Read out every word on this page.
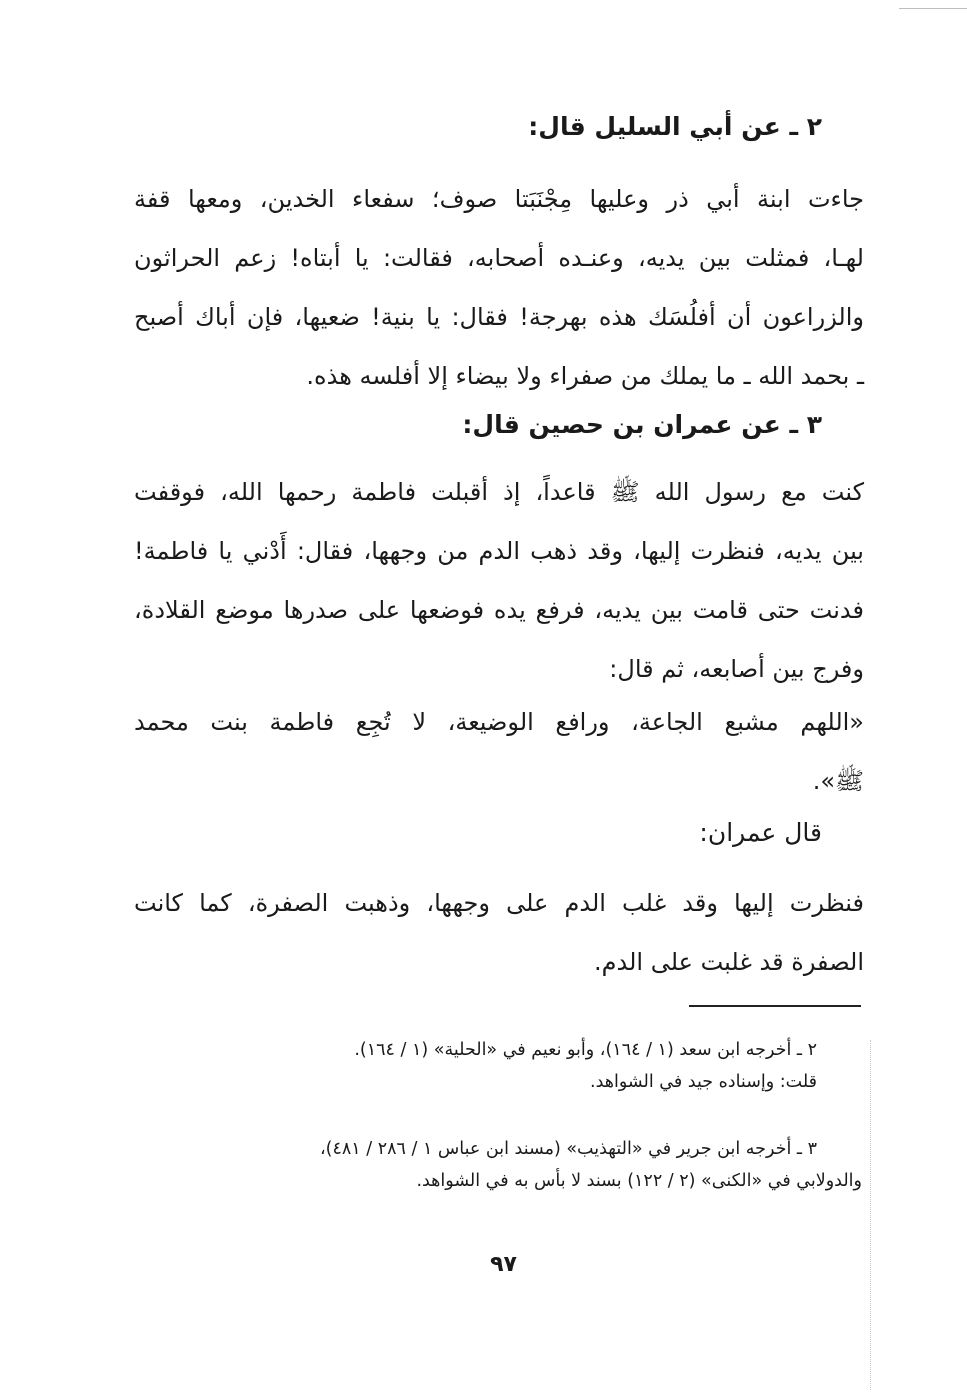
٢ ـ عن أبي السليل قال:
جاءت ابنة أبي ذر وعليها مِجْنَبَتا صوف؛ سفعاء الخدين، ومعها قفة
لهـا، فمثلت بين يديه، وعنـده أصحابه، فقالت: يا أبتاه! زعم الحراثون
والزراعون أن أفلُسَك هذه بهرجة! فقال: يا بنية! ضعيها، فإن أباك أصبح
ـ بحمد الله ـ ما يملك من صفراء ولا بيضاء إلا أفلسه هذه.
٣ ـ عن عمران بن حصين قال:
كنت مع رسول الله ﷺ قاعداً، إذ أقبلت فاطمة رحمها الله، فوقفت
بين يديه، فنظرت إليها، وقد ذهب الدم من وجهها، فقال: أَدْني يا فاطمة!
فدنت حتى قامت بين يديه، فرفع يده فوضعها على صدرها موضع القلادة،
وفرج بين أصابعه، ثم قال:
«اللهم مشبع الجاعة، ورافع الوضيعة، لا تُجِع فاطمة بنت محمد
ﷺ».
قال عمران:
فنظرت إليها وقد غلب الدم على وجهها، وذهبت الصفرة، كما كانت
الصفرة قد غلبت على الدم.
٢ ـ أخرجه ابن سعد (١ / ١٦٤)، وأبو نعيم في «الحلية» (١ / ١٦٤).
قلت: وإسناده جيد في الشواهد.
٣ ـ أخرجه ابن جرير في «التهذيب» (مسند ابن عباس ١ / ٢٨٦ / ٤٨١)،
والدولابي في «الكنى» (٢ / ١٢٢) بسند لا بأس به في الشواهد.
٩٧
